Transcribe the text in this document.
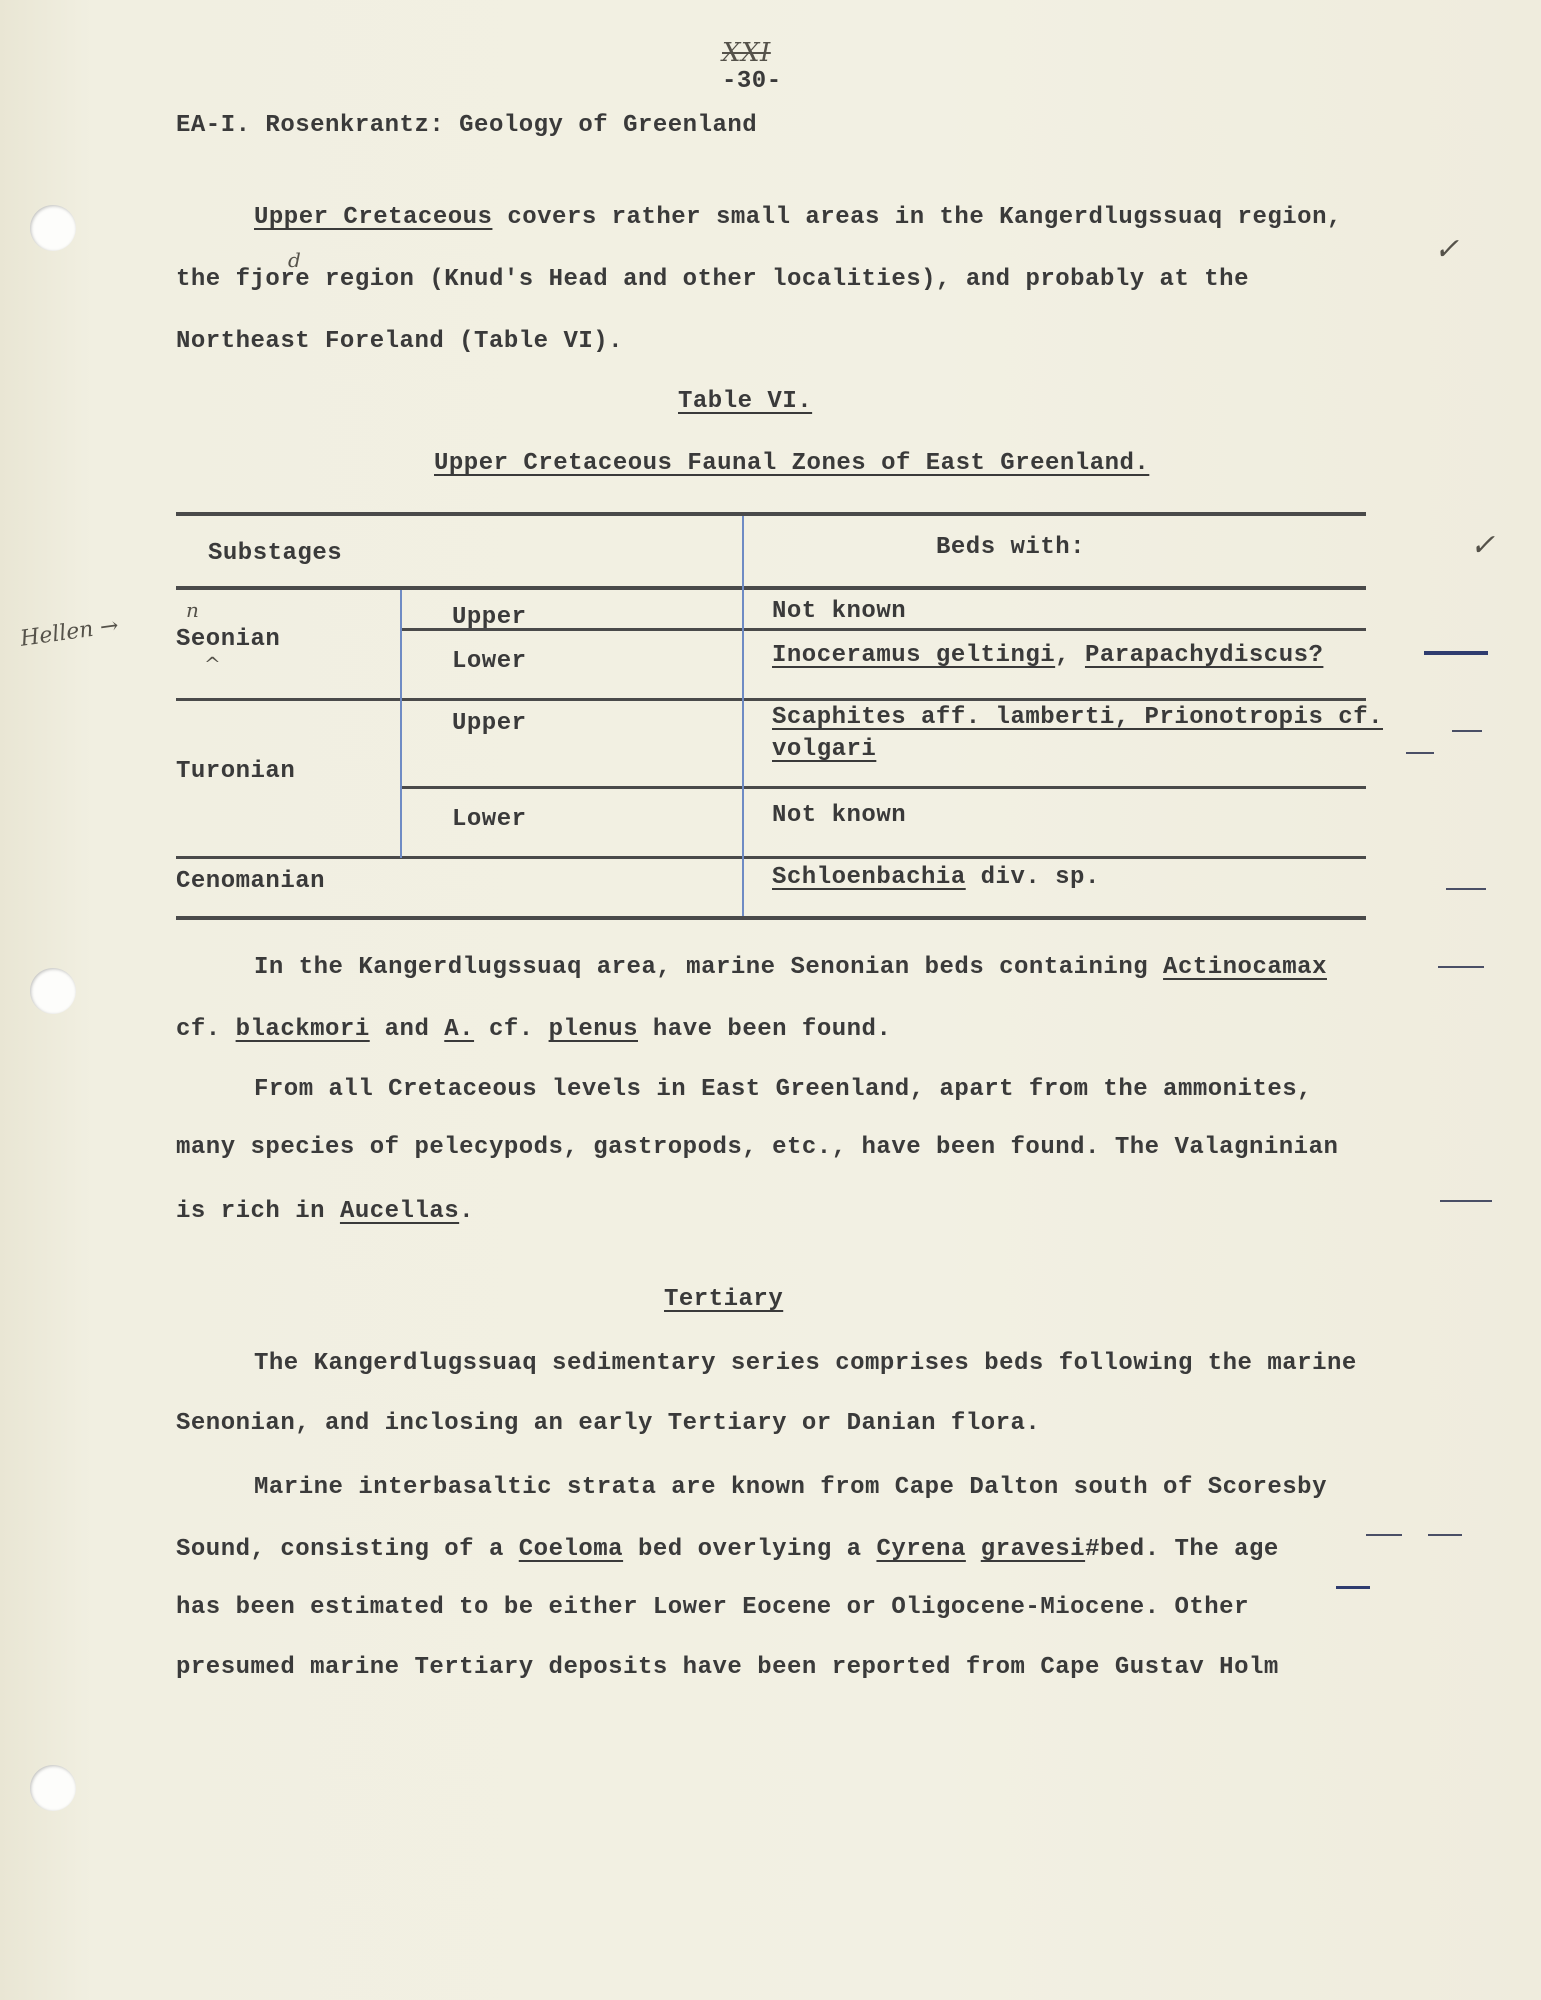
XXI
-30-
EA-I. Rosenkrantz: Geology of Greenland
Upper Cretaceous covers rather small areas in the Kangerdlugssuaq region,
the fjore region (Knud's Head and other localities), and probably at the
d
Northeast Foreland (Table VI).
Table VI.
Upper Cretaceous Faunal Zones of East Greenland.
Substages	Beds with:
Seonian
n
^
Upper	Not known
Lower	Inoceramus geltingi, Parapachydiscus?
Turonian
Upper	Scaphites aff. lamberti, Prionotropis cf.
volgari
Lower	Not known
Cenomanian	Schloenbachia div. sp.
Hellen →
✓
✓
In the Kangerdlugssuaq area, marine Senonian beds containing Actinocamax
cf. blackmori and A. cf. plenus have been found.
From all Cretaceous levels in East Greenland, apart from the ammonites,
many species of pelecypods, gastropods, etc., have been found. The Valagninian
is rich in Aucellas.
Tertiary
The Kangerdlugssuaq sedimentary series comprises beds following the marine
Senonian, and inclosing an early Tertiary or Danian flora.
Marine interbasaltic strata are known from Cape Dalton south of Scoresby
Sound, consisting of a Coeloma bed overlying a Cyrena gravesi#bed. The age
has been estimated to be either Lower Eocene or Oligocene-Miocene. Other
presumed marine Tertiary deposits have been reported from Cape Gustav Holm
